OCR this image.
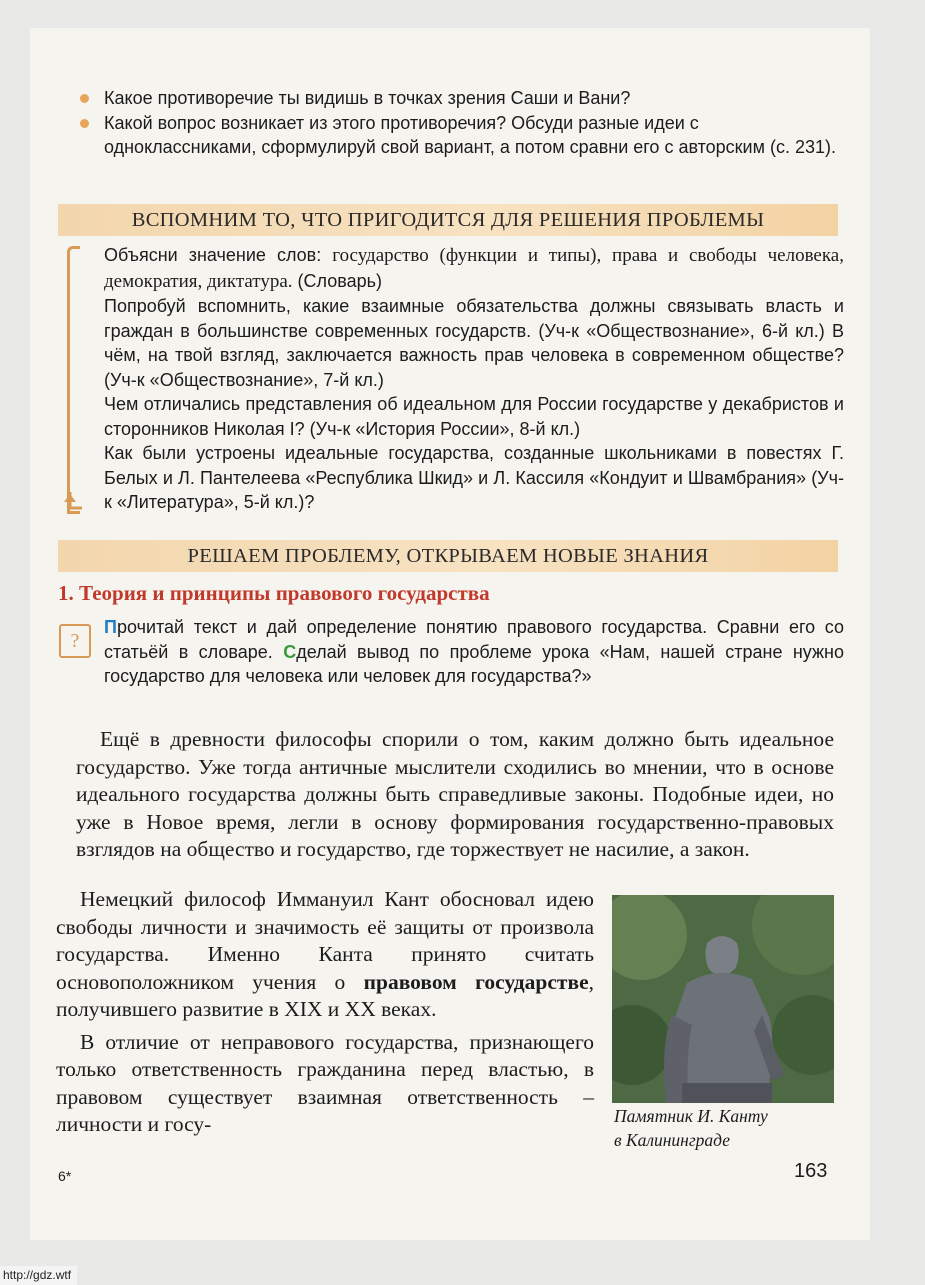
Какое противоречие ты видишь в точках зрения Саши и Вани?
Какой вопрос возникает из этого противоречия? Обсуди разные идеи с одноклассниками, сформулируй свой вариант, а потом сравни его с авторским (с. 231).
ВСПОМНИМ ТО, ЧТО ПРИГОДИТСЯ ДЛЯ РЕШЕНИЯ ПРОБЛЕМЫ
Объясни значение слов: государство (функции и типы), права и свободы человека, демократия, диктатура. (Словарь)
Попробуй вспомнить, какие взаимные обязательства должны связывать власть и граждан в большинстве современных государств. (Уч-к «Обществознание», 6-й кл.) В чём, на твой взгляд, заключается важность прав человека в современном обществе? (Уч-к «Обществознание», 7-й кл.)
Чем отличались представления об идеальном для России государстве у декабристов и сторонников Николая I? (Уч-к «История России», 8-й кл.)
Как были устроены идеальные государства, созданные школьниками в повестях Г. Белых и Л. Пантелеева «Республика Шкид» и Л. Кассиля «Кондуит и Швамбрания» (Уч-к «Литература», 5-й кл.)?
РЕШАЕМ ПРОБЛЕМУ, ОТКРЫВАЕМ НОВЫЕ ЗНАНИЯ
1. Теория и принципы правового государства
?
Прочитай текст и дай определение понятию правового государства. Сравни его со статьёй в словаре. Сделай вывод по проблеме урока «Нам, нашей стране нужно государство для человека или человек для государства?»

Ещё в древности философы спорили о том, каким должно быть идеальное государство. Уже тогда античные мыслители сходились во мнении, что в основе идеального государства должны быть справедливые законы. Подобные идеи, но уже в Новое время, легли в основу формирования государственно-правовых взглядов на общество и государство, где торжествует не насилие, а закон.

Немецкий философ Иммануил Кант обосновал идею свободы личности и значимость её защиты от произвола государства. Именно Канта принято считать основоположником учения о правовом государстве, получившего развитие в XIX и XX веках.

В отличие от неправового государства, признающего только ответственность гражданина перед властью, в правовом существует взаимная ответственность – личности и госу-	Памятник И. Канту
в Калининграде
6*	163
http://gdz.wtf
